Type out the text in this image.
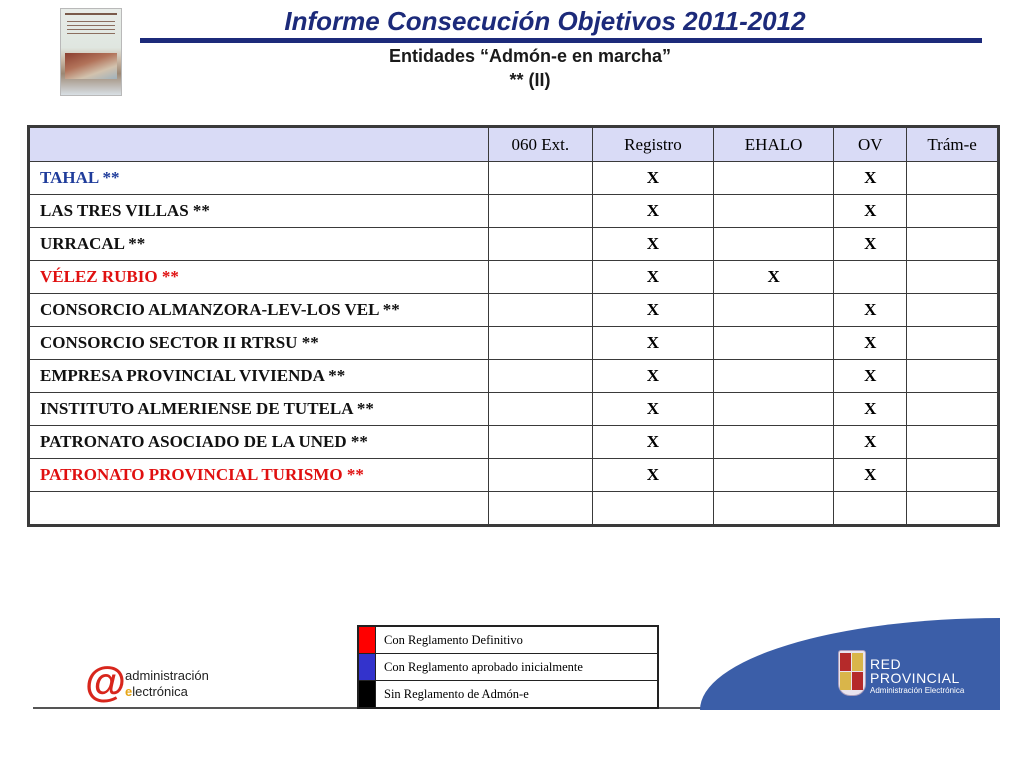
Informe Consecución Objetivos 2011-2012
Entidades “Admón-e en marcha”
** (II)
	060 Ext.	Registro	EHALO	OV	Trám-e
TAHAL **		X		X	
LAS TRES VILLAS **		X		X	
URRACAL **		X		X	
VÉLEZ RUBIO **		X	X		
CONSORCIO ALMANZORA-LEV-LOS VEL **		X		X	
CONSORCIO SECTOR II RTRSU **		X		X	
EMPRESA PROVINCIAL VIVIENDA **		X		X	
INSTITUTO ALMERIENSE DE TUTELA **		X		X	
PATRONATO ASOCIADO DE LA UNED **		X		X	
PATRONATO PROVINCIAL TURISMO **		X		X	

@ administración
electrónica
	Con Reglamento Definitivo
	Con Reglamento aprobado inicialmente
	Sin Reglamento de Admón-e
RED
PROVINCIAL
Administración Electrónica
